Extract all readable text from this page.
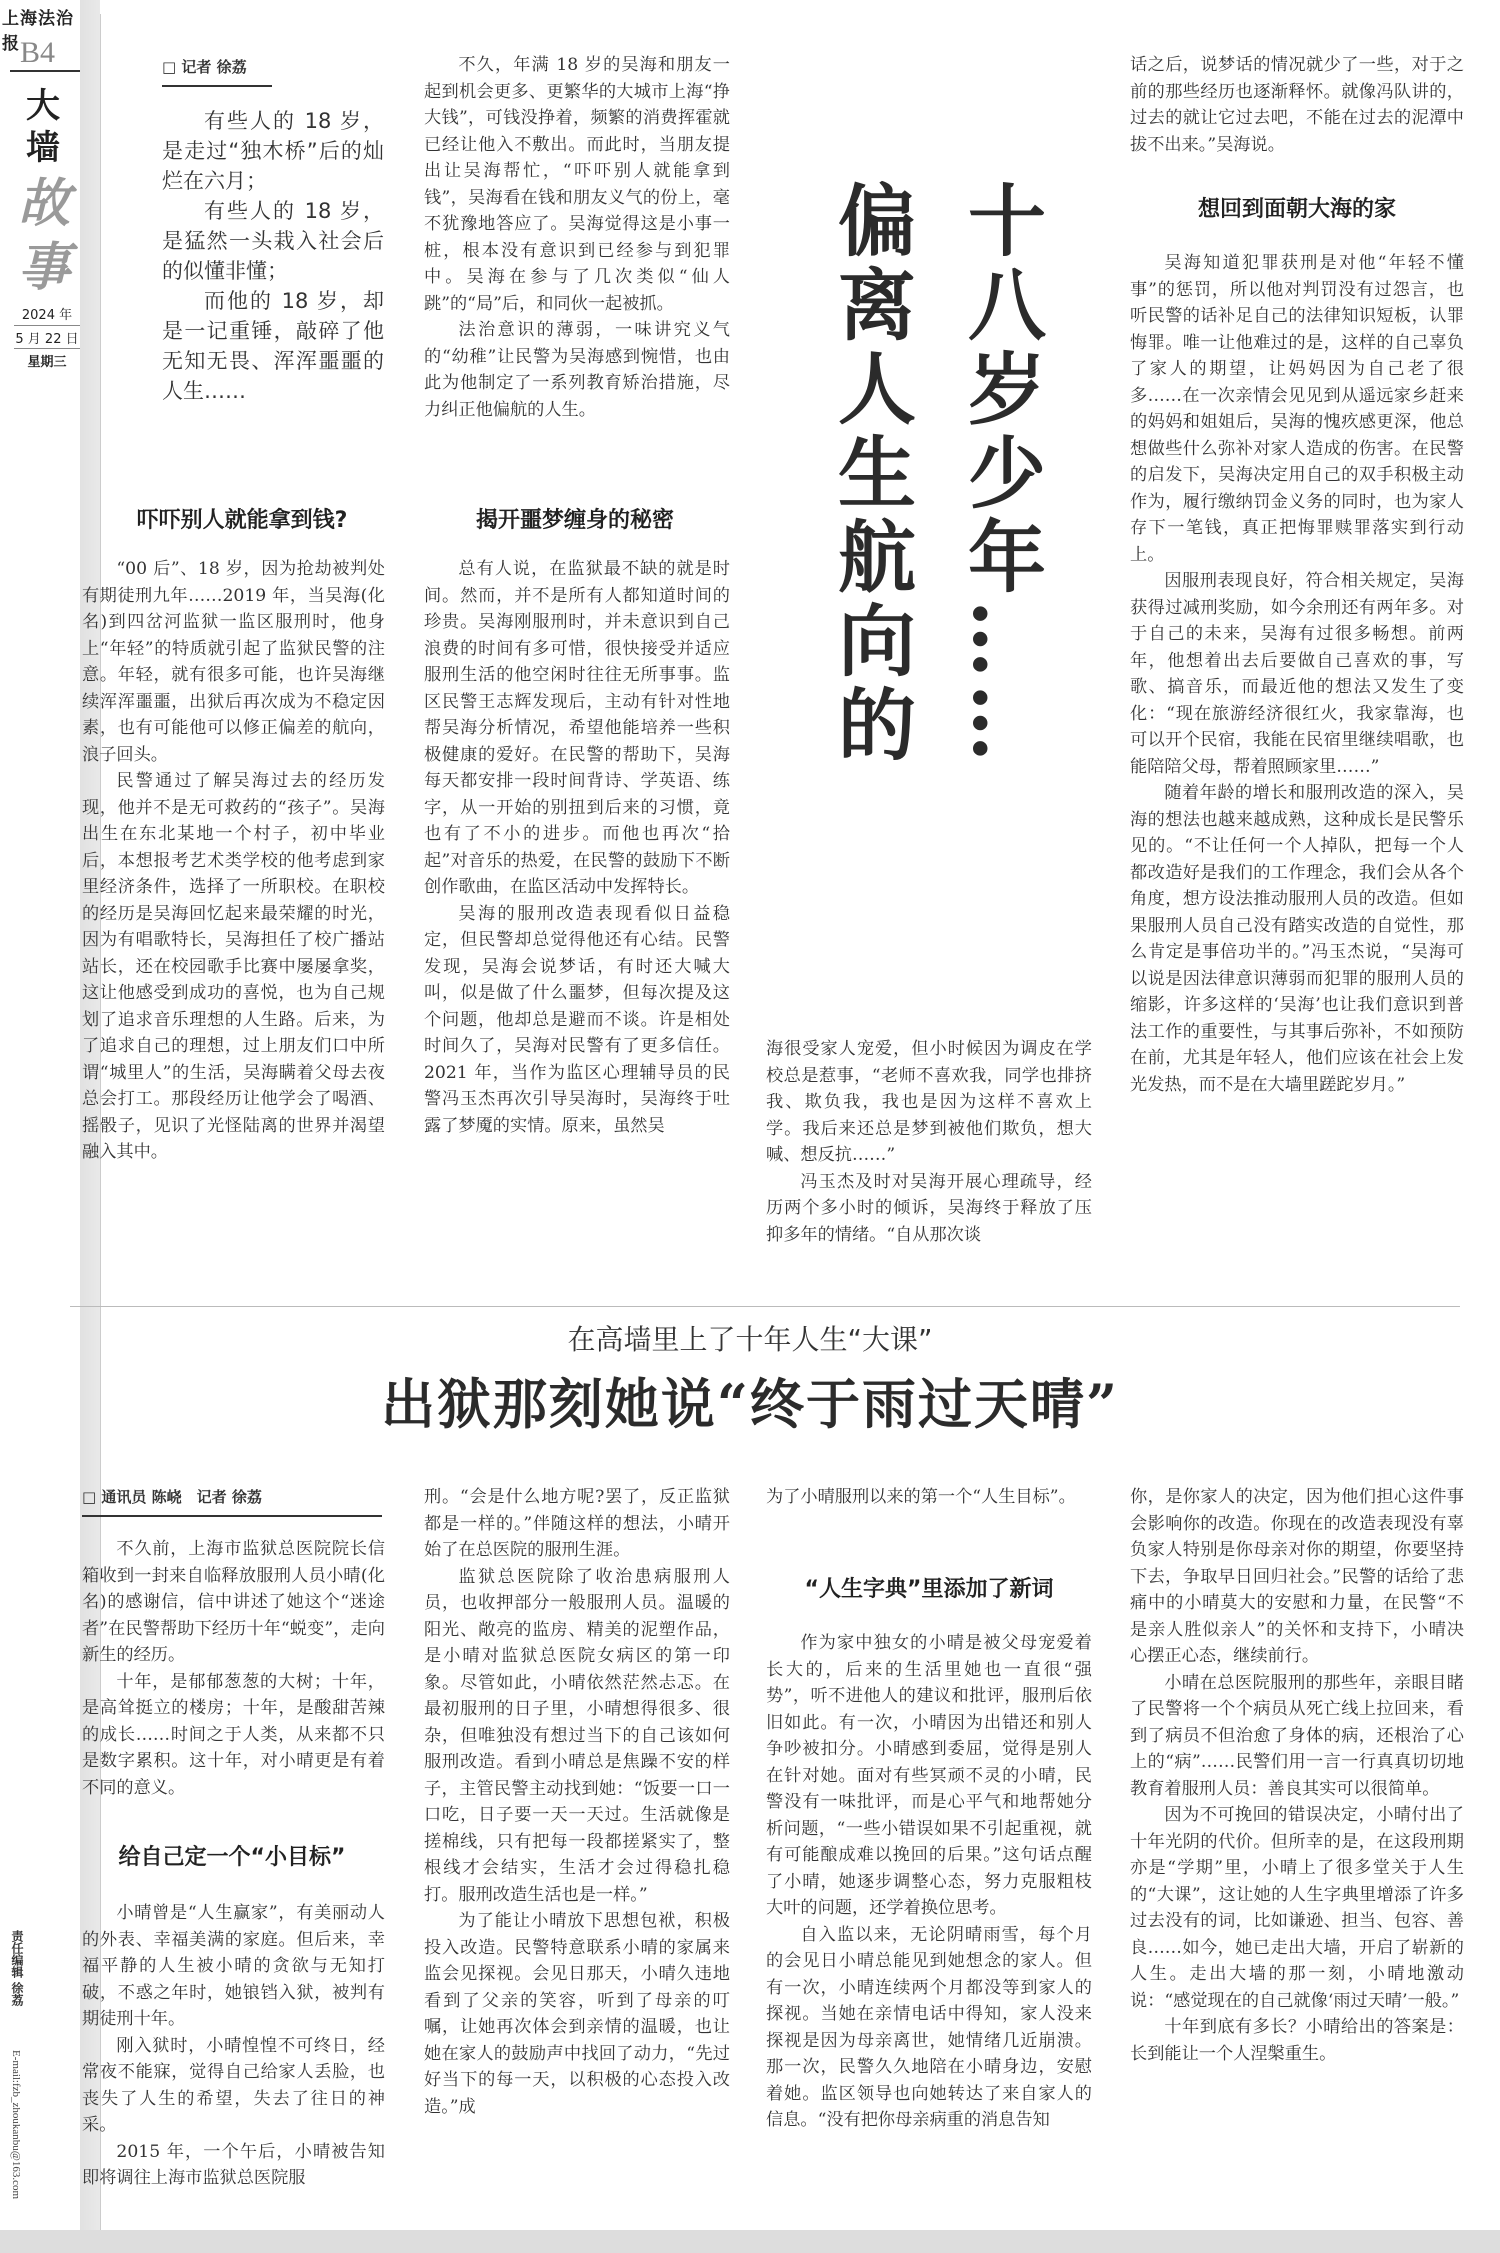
上海法治报 B4
大
墙
故
事
2024 年
5 月 22 日
星期三
责任编辑 徐荔
E-mail:fzb_zhoukanbu@163.com
□ 记者 徐荔

有些人的 18 岁，是走过“独木桥”后的灿烂在六月；

有些人的 18 岁，是猛然一头栽入社会后的似懂非懂；

而他的 18 岁，却是一记重锤，敲碎了他无知无畏、浑浑噩噩的人生……

不久，年满 18 岁的吴海和朋友一起到机会更多、更繁华的大城市上海“挣大钱”，可钱没挣着，频繁的消费挥霍就已经让他入不敷出。而此时，当朋友提出让吴海帮忙，“吓吓别人就能拿到钱”，吴海看在钱和朋友义气的份上，毫不犹豫地答应了。吴海觉得这是小事一桩，根本没有意识到已经参与到犯罪中。吴海在参与了几次类似“仙人跳”的“局”后，和同伙一起被抓。

法治意识的薄弱，一味讲究义气的“幼稚”让民警为吴海感到惋惜，也由此为他制定了一系列教育矫治措施，尽力纠正他偏航的人生。

吓吓别人就能拿到钱?

“00 后”、18 岁，因为抢劫被判处有期徒刑九年……2019 年，当吴海(化名)到四岔河监狱一监区服刑时，他身上“年轻”的特质就引起了监狱民警的注意。年轻，就有很多可能，也许吴海继续浑浑噩噩，出狱后再次成为不稳定因素，也有可能他可以修正偏差的航向，浪子回头。

民警通过了解吴海过去的经历发现，他并不是无可救药的“孩子”。吴海出生在东北某地一个村子，初中毕业后，本想报考艺术类学校的他考虑到家里经济条件，选择了一所职校。在职校的经历是吴海回忆起来最荣耀的时光，因为有唱歌特长，吴海担任了校广播站站长，还在校园歌手比赛中屡屡拿奖，这让他感受到成功的喜悦，也为自己规划了追求音乐理想的人生路。后来，为了追求自己的理想，过上朋友们口中所谓“城里人”的生活，吴海瞒着父母去夜总会打工。那段经历让他学会了喝酒、摇骰子，见识了光怪陆离的世界并渴望融入其中。

揭开噩梦缠身的秘密

总有人说，在监狱最不缺的就是时间。然而，并不是所有人都知道时间的珍贵。吴海刚服刑时，并未意识到自己浪费的时间有多可惜，很快接受并适应服刑生活的他空闲时往往无所事事。监区民警王志辉发现后，主动有针对性地帮吴海分析情况，希望他能培养一些积极健康的爱好。在民警的帮助下，吴海每天都安排一段时间背诗、学英语、练字，从一开始的别扭到后来的习惯，竟也有了不小的进步。而他也再次“拾起”对音乐的热爱，在民警的鼓励下不断创作歌曲，在监区活动中发挥特长。

吴海的服刑改造表现看似日益稳定，但民警却总觉得他还有心结。民警发现，吴海会说梦话，有时还大喊大叫，似是做了什么噩梦，但每次提及这个问题，他却总是避而不谈。许是相处时间久了，吴海对民警有了更多信任。2021 年，当作为监区心理辅导员的民警冯玉杰再次引导吴海时，吴海终于吐露了梦魇的实情。原来，虽然吴

十八岁少年……
偏离人生航向的

海很受家人宠爱，但小时候因为调皮在学校总是惹事，“老师不喜欢我，同学也排挤我、欺负我，我也是因为这样不喜欢上学。我后来还总是梦到被他们欺负，想大喊、想反抗……”

冯玉杰及时对吴海开展心理疏导，经历两个多小时的倾诉，吴海终于释放了压抑多年的情绪。“自从那次谈

话之后，说梦话的情况就少了一些，对于之前的那些经历也逐渐释怀。就像冯队讲的，过去的就让它过去吧，不能在过去的泥潭中拔不出来。”吴海说。

想回到面朝大海的家

吴海知道犯罪获刑是对他“年轻不懂事”的惩罚，所以他对判罚没有过怨言，也听民警的话补足自己的法律知识短板，认罪悔罪。唯一让他难过的是，这样的自己辜负了家人的期望，让妈妈因为自己老了很多……在一次亲情会见见到从遥远家乡赶来的妈妈和姐姐后，吴海的愧疚感更深，他总想做些什么弥补对家人造成的伤害。在民警的启发下，吴海决定用自己的双手积极主动作为，履行缴纳罚金义务的同时，也为家人存下一笔钱，真正把悔罪赎罪落实到行动上。

因服刑表现良好，符合相关规定，吴海获得过减刑奖励，如今余刑还有两年多。对于自己的未来，吴海有过很多畅想。前两年，他想着出去后要做自己喜欢的事，写歌、搞音乐，而最近他的想法又发生了变化：“现在旅游经济很红火，我家靠海，也可以开个民宿，我能在民宿里继续唱歌，也能陪陪父母，帮着照顾家里……”

随着年龄的增长和服刑改造的深入，吴海的想法也越来越成熟，这种成长是民警乐见的。“不让任何一个人掉队，把每一个人都改造好是我们的工作理念，我们会从各个角度，想方设法推动服刑人员的改造。但如果服刑人员自己没有踏实改造的自觉性，那么肯定是事倍功半的。”冯玉杰说，“吴海可以说是因法律意识薄弱而犯罪的服刑人员的缩影，许多这样的‘吴海’也让我们意识到普法工作的重要性，与其事后弥补，不如预防在前，尤其是年轻人，他们应该在社会上发光发热，而不是在大墙里蹉跎岁月。”

在高墙里上了十年人生“大课”
出狱那刻她说“终于雨过天晴”
□ 通讯员 陈峣　记者 徐荔

不久前，上海市监狱总医院院长信箱收到一封来自临释放服刑人员小晴(化名)的感谢信，信中讲述了她这个“迷途者”在民警帮助下经历十年“蜕变”，走向新生的经历。

十年，是郁郁葱葱的大树；十年，是高耸挺立的楼房；十年，是酸甜苦辣的成长……时间之于人类，从来都不只是数字累积。这十年，对小晴更是有着不同的意义。

给自己定一个“小目标”

小晴曾是“人生赢家”，有美丽动人的外表、幸福美满的家庭。但后来，幸福平静的人生被小晴的贪欲与无知打破，不惑之年时，她锒铛入狱，被判有期徒刑十年。

刚入狱时，小晴惶惶不可终日，经常夜不能寐，觉得自己给家人丢脸，也丧失了人生的希望，失去了往日的神采。

2015 年，一个午后，小晴被告知即将调往上海市监狱总医院服

刑。“会是什么地方呢?罢了，反正监狱都是一样的。”伴随这样的想法，小晴开始了在总医院的服刑生涯。

监狱总医院除了收治患病服刑人员，也收押部分一般服刑人员。温暖的阳光、敞亮的监房、精美的泥塑作品，是小晴对监狱总医院女病区的第一印象。尽管如此，小晴依然茫然忐忑。在最初服刑的日子里，小晴想得很多、很杂，但唯独没有想过当下的自己该如何服刑改造。看到小晴总是焦躁不安的样子，主管民警主动找到她：“饭要一口一口吃，日子要一天一天过。生活就像是搓棉线，只有把每一段都搓紧实了，整根线才会结实，生活才会过得稳扎稳打。服刑改造生活也是一样。”

为了能让小晴放下思想包袱，积极投入改造。民警特意联系小晴的家属来监会见探视。会见日那天，小晴久违地看到了父亲的笑容，听到了母亲的叮嘱，让她再次体会到亲情的温暖，也让她在家人的鼓励声中找回了动力，“先过好当下的每一天，以积极的心态投入改造。”成

为了小晴服刑以来的第一个“人生目标”。

“人生字典”里添加了新词

作为家中独女的小晴是被父母宠爱着长大的，后来的生活里她也一直很“强势”，听不进他人的建议和批评，服刑后依旧如此。有一次，小晴因为出错还和别人争吵被扣分。小晴感到委屈，觉得是别人在针对她。面对有些冥顽不灵的小晴，民警没有一味批评，而是心平气和地帮她分析问题，“一些小错误如果不引起重视，就有可能酿成难以挽回的后果。”这句话点醒了小晴，她逐步调整心态，努力克服粗枝大叶的问题，还学着换位思考。

自入监以来，无论阴晴雨雪，每个月的会见日小晴总能见到她想念的家人。但有一次，小晴连续两个月都没等到家人的探视。当她在亲情电话中得知，家人没来探视是因为母亲离世，她情绪几近崩溃。那一次，民警久久地陪在小晴身边，安慰着她。监区领导也向她转达了来自家人的信息。“没有把你母亲病重的消息告知

你，是你家人的决定，因为他们担心这件事会影响你的改造。你现在的改造表现没有辜负家人特别是你母亲对你的期望，你要坚持下去，争取早日回归社会。”民警的话给了悲痛中的小晴莫大的安慰和力量，在民警“不是亲人胜似亲人”的关怀和支持下，小晴决心摆正心态，继续前行。

小晴在总医院服刑的那些年，亲眼目睹了民警将一个个病员从死亡线上拉回来，看到了病员不但治愈了身体的病，还根治了心上的“病”……民警们用一言一行真真切切地教育着服刑人员：善良其实可以很简单。

因为不可挽回的错误决定，小晴付出了十年光阴的代价。但所幸的是，在这段刑期亦是“学期”里，小晴上了很多堂关于人生的“大课”，这让她的人生字典里增添了许多过去没有的词，比如谦逊、担当、包容、善良……如今，她已走出大墙，开启了崭新的人生。走出大墙的那一刻，小晴地激动说：“感觉现在的自己就像‘雨过天晴’一般。”

十年到底有多长？小晴给出的答案是：长到能让一个人涅槃重生。
